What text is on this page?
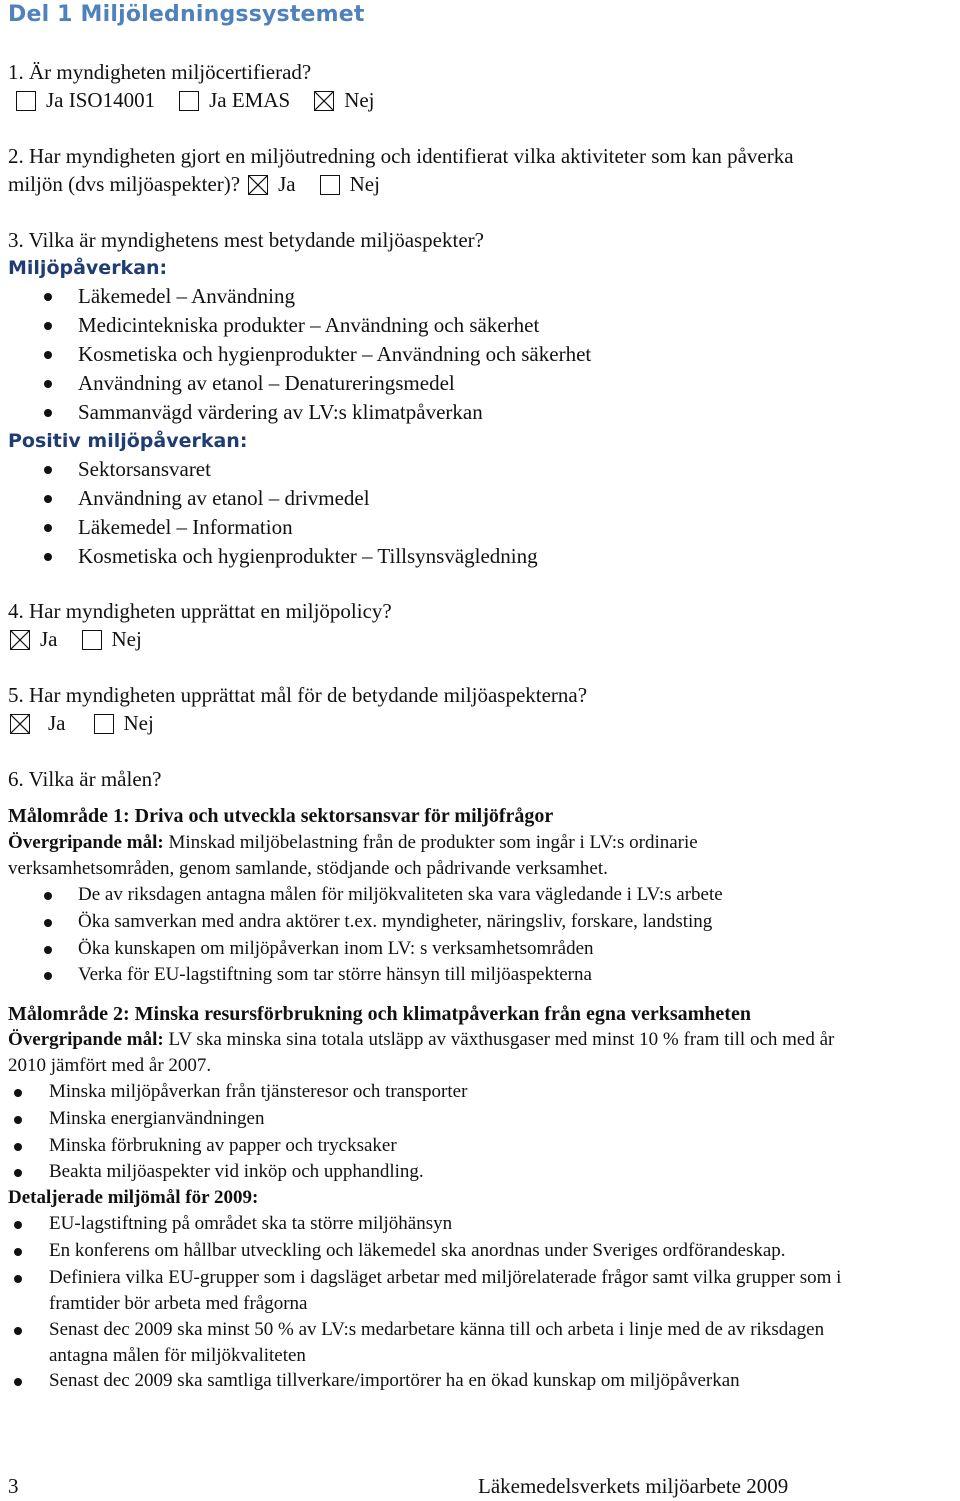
Del 1 Miljöledningssystemet
1. Är myndigheten miljöcertifierad?
Ja ISO14001	Ja EMAS	Nej
2. Har myndigheten gjort en miljöutredning och identifierat vilka aktiviteter som kan påverka
miljön (dvs miljöaspekter)? Ja	Nej
3. Vilka är myndighetens mest betydande miljöaspekter?
Miljöpåverkan:
Läkemedel – Användning
Medicintekniska produkter – Användning och säkerhet
Kosmetiska och hygienprodukter – Användning och säkerhet
Användning av etanol – Denatureringsmedel
Sammanvägd värdering av LV:s klimatpåverkan
Positiv miljöpåverkan:
Sektorsansvaret
Användning av etanol – drivmedel
Läkemedel – Information
Kosmetiska och hygienprodukter – Tillsynsvägledning
4. Har myndigheten upprättat en miljöpolicy?
Ja	Nej
5. Har myndigheten upprättat mål för de betydande miljöaspekterna?
Ja	Nej
6. Vilka är målen?
Målområde 1: Driva och utveckla sektorsansvar för miljöfrågor
Övergripande mål: Minskad miljöbelastning från de produkter som ingår i LV:s ordinarie
verksamhetsområden, genom samlande, stödjande och pådrivande verksamhet.
De av riksdagen antagna målen för miljökvaliteten ska vara vägledande i LV:s arbete
Öka samverkan med andra aktörer t.ex. myndigheter, näringsliv, forskare, landsting
Öka kunskapen om miljöpåverkan inom LV: s verksamhetsområden
Verka för EU-lagstiftning som tar större hänsyn till miljöaspekterna
Målområde 2: Minska resursförbrukning och klimatpåverkan från egna verksamheten
Övergripande mål: LV ska minska sina totala utsläpp av växthusgaser med minst 10 % fram till och med år
2010 jämfört med år 2007.
Minska miljöpåverkan från tjänsteresor och transporter
Minska energianvändningen
Minska förbrukning av papper och trycksaker
Beakta miljöaspekter vid inköp och upphandling.
Detaljerade miljömål för 2009:
EU-lagstiftning på området ska ta större miljöhänsyn
En konferens om hållbar utveckling och läkemedel ska anordnas under Sveriges ordförandeskap.
Definiera vilka EU-grupper som i dagsläget arbetar med miljörelaterade frågor samt vilka grupper som i
framtider bör arbeta med frågorna
Senast dec 2009 ska minst 50 % av LV:s medarbetare känna till och arbeta i linje med de av riksdagen
antagna målen för miljökvaliteten
Senast dec 2009 ska samtliga tillverkare/importörer ha en ökad kunskap om miljöpåverkan
3	Läkemedelsverkets miljöarbete 2009
